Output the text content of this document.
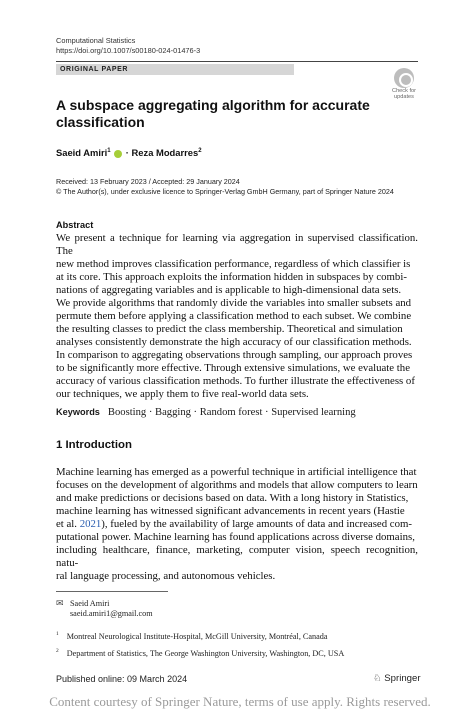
Computational Statistics
https://doi.org/10.1007/s00180-024-01476-3
ORIGINAL PAPER
Check for
updates
A subspace aggregating algorithm for accurate
classification
Saeid Amiri$^1$  · Reza Modarres$^2$
Received: 13 February 2023 / Accepted: 29 January 2024
© The Author(s), under exclusive licence to Springer-Verlag GmbH Germany, part of Springer Nature 2024
Abstract
We present a technique for learning via aggregation in supervised classification. The
new method improves classification performance, regardless of which classifier is
at its core. This approach exploits the information hidden in subspaces by combi-
nations of aggregating variables and is applicable to high-dimensional data sets.
We provide algorithms that randomly divide the variables into smaller subsets and
permute them before applying a classification method to each subset. We combine
the resulting classes to predict the class membership. Theoretical and simulation
analyses consistently demonstrate the high accuracy of our classification methods.
In comparison to aggregating observations through sampling, our approach proves
to be significantly more effective. Through extensive simulations, we evaluate the
accuracy of various classification methods. To further illustrate the effectiveness of
our techniques, we apply them to five real-world data sets.
Keywords Boosting · Bagging · Random forest · Supervised learning
1 Introduction
Machine learning has emerged as a powerful technique in artificial intelligence that
focuses on the development of algorithms and models that allow computers to learn
and make predictions or decisions based on data. With a long history in Statistics,
machine learning has witnessed significant advancements in recent years (Hastie
et al. 2021), fueled by the availability of large amounts of data and increased com-
putational power. Machine learning has found applications across diverse domains,
including healthcare, finance, marketing, computer vision, speech recognition, natu-
ral language processing, and autonomous vehicles.
✉ Saeid Amiri
saeid.amiri1@gmail.com
$^1$ Montreal Neurological Institute-Hospital, McGill University, Montréal, Canada
$^2$ Department of Statistics, The George Washington University, Washington, DC, USA
Published online: 09 March 2024	♘ Springer
Content courtesy of Springer Nature, terms of use apply. Rights reserved.
